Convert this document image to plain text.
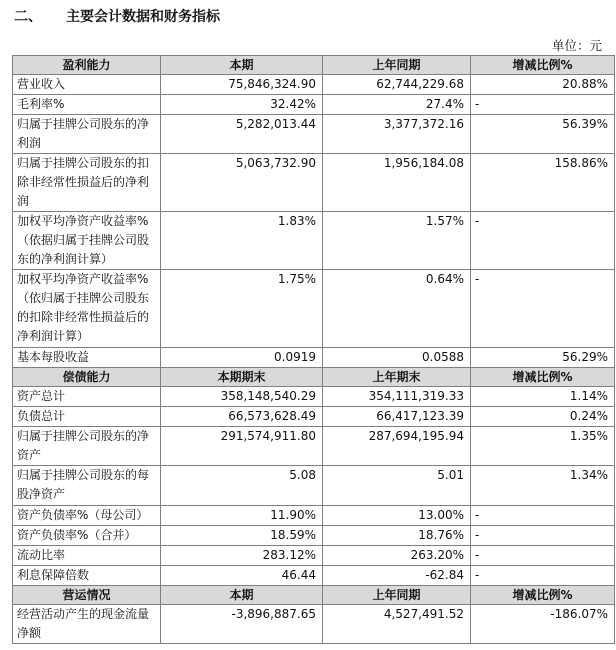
二、 主要会计数据和财务指标
单位：元
盈利能力	本期	上年同期	增减比例%
营业收入	75,846,324.90	62,744,229.68	20.88%
毛利率%	32.42%	27.4%	-
归属于挂牌公司股东的净利润	5,282,013.44	3,377,372.16	56.39%
归属于挂牌公司股东的扣除非经常性损益后的净利润	5,063,732.90	1,956,184.08	158.86%
加权平均净资产收益率%（依据归属于挂牌公司股东的净利润计算）	1.83%	1.57%	-
加权平均净资产收益率%（依归属于挂牌公司股东的扣除非经常性损益后的净利润计算）	1.75%	0.64%	-
基本每股收益	0.0919	0.0588	56.29%
偿债能力	本期期末	上年期末	增减比例%
资产总计	358,148,540.29	354,111,319.33	1.14%
负债总计	66,573,628.49	66,417,123.39	0.24%
归属于挂牌公司股东的净资产	291,574,911.80	287,694,195.94	1.35%
归属于挂牌公司股东的每股净资产	5.08	5.01	1.34%
资产负债率%（母公司）	11.90%	13.00%	-
资产负债率%（合并）	18.59%	18.76%	-
流动比率	283.12%	263.20%	-
利息保障倍数	46.44	-62.84	-
营运情况	本期	上年同期	增减比例%
经营活动产生的现金流量净额	-3,896,887.65	4,527,491.52	-186.07%
